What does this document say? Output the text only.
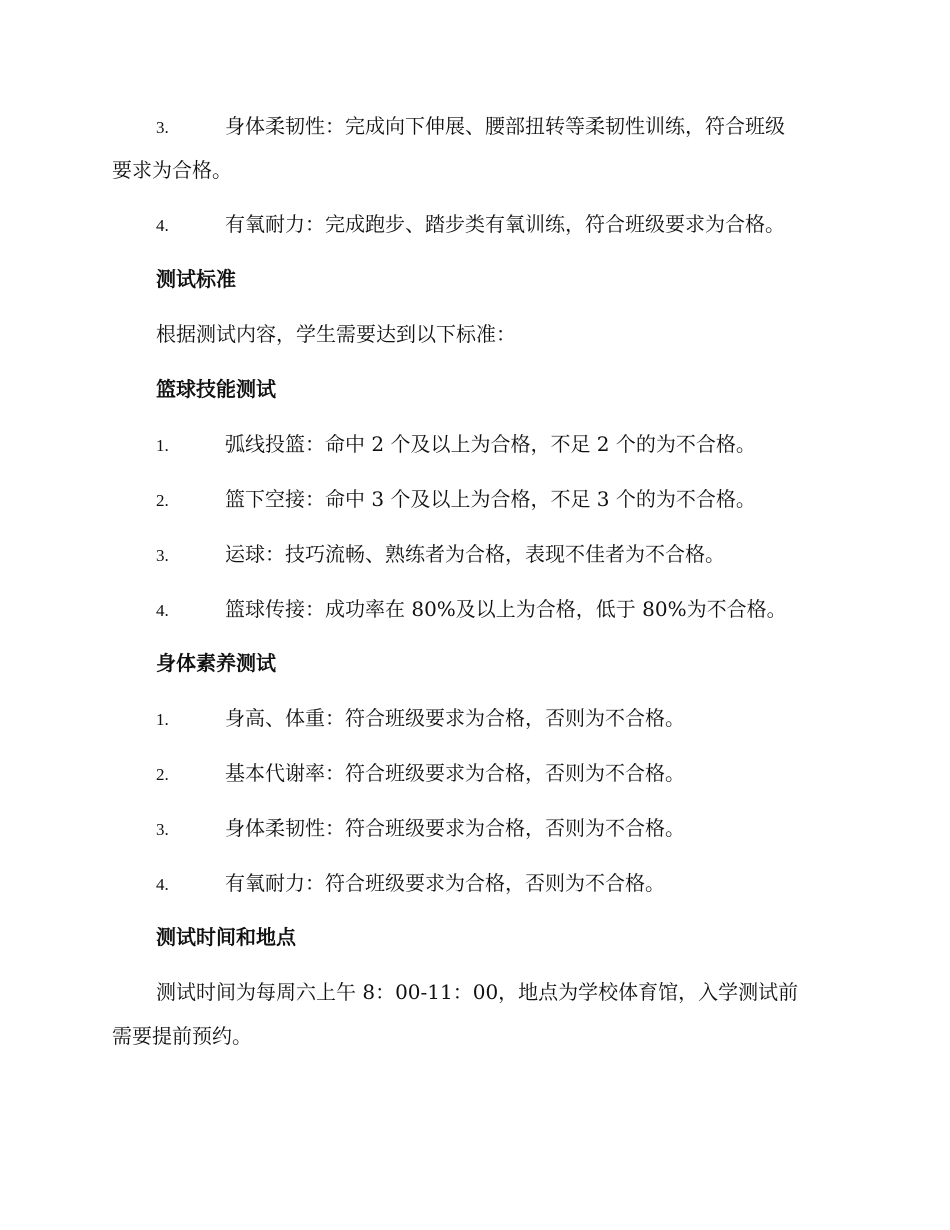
3.	身体柔韧性：完成向下伸展、腰部扭转等柔韧性训练，符合班级
要求为合格。
4.	有氧耐力：完成跑步、踏步类有氧训练，符合班级要求为合格。
测试标准
根据测试内容，学生需要达到以下标准：
篮球技能测试
1.	弧线投篮：命中 2 个及以上为合格，不足 2 个的为不合格。
2.	篮下空接：命中 3 个及以上为合格，不足 3 个的为不合格。
3.	运球：技巧流畅、熟练者为合格，表现不佳者为不合格。
4.	篮球传接：成功率在 80%及以上为合格，低于 80%为不合格。
身体素养测试
1.	身高、体重：符合班级要求为合格，否则为不合格。
2.	基本代谢率：符合班级要求为合格，否则为不合格。
3.	身体柔韧性：符合班级要求为合格，否则为不合格。
4.	有氧耐力：符合班级要求为合格，否则为不合格。
测试时间和地点
测试时间为每周六上午 8：00-11：00，地点为学校体育馆，入学测试前
需要提前预约。
